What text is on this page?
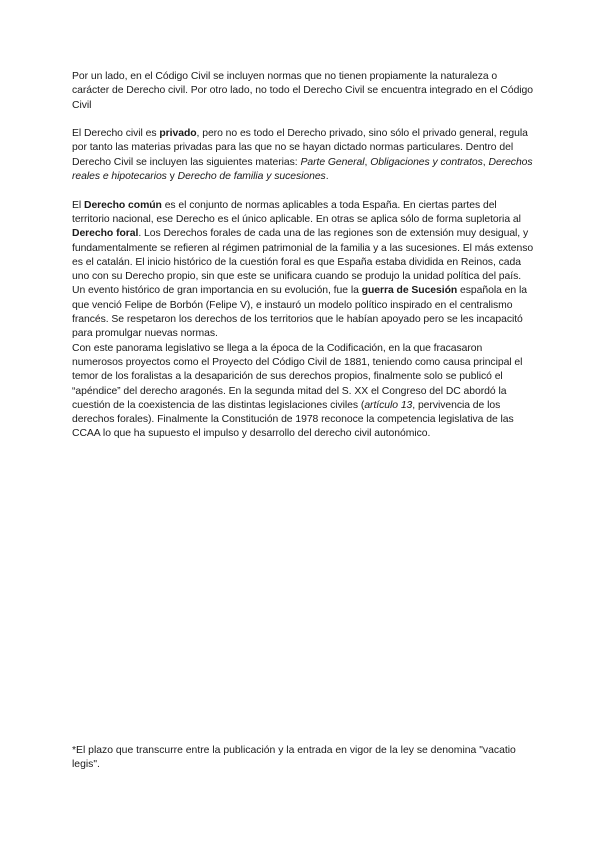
Por un lado, en el Código Civil se incluyen normas que no tienen propiamente la naturaleza o carácter de Derecho civil. Por otro lado, no todo el Derecho Civil se encuentra integrado en el Código Civil

El Derecho civil es privado, pero no es todo el Derecho privado, sino sólo el privado general, regula por tanto las materias privadas para las que no se hayan dictado normas particulares. Dentro del Derecho Civil se incluyen las siguientes materias: Parte General, Obligaciones y contratos, Derechos reales e hipotecarios y Derecho de familia y sucesiones.

El Derecho común es el conjunto de normas aplicables a toda España. En ciertas partes del territorio nacional, ese Derecho es el único aplicable. En otras se aplica sólo de forma supletoria al Derecho foral. Los Derechos forales de cada una de las regiones son de extensión muy desigual, y fundamentalmente se refieren al régimen patrimonial de la familia y a las sucesiones. El más extenso es el catalán. El inicio histórico de la cuestión foral es que España estaba dividida en Reinos, cada uno con su Derecho propio, sin que este se unificara cuando se produjo la unidad política del país. Un evento histórico de gran importancia en su evolución, fue la guerra de Sucesión española en la que venció Felipe de Borbón (Felipe V), e instauró un modelo político inspirado en el centralismo francés. Se respetaron los derechos de los territorios que le habían apoyado pero se les incapacitó para promulgar nuevas normas.

Con este panorama legislativo se llega a la época de la Codificación, en la que fracasaron numerosos proyectos como el Proyecto del Código Civil de 1881, teniendo como causa principal el temor de los foralistas a la desaparición de sus derechos propios, finalmente solo se publicó el “apéndice” del derecho aragonés. En la segunda mitad del S. XX el Congreso del DC abordó la cuestión de la coexistencia de las distintas legislaciones civiles (artículo 13, pervivencia de los derechos forales). Finalmente la Constitución de 1978 reconoce la competencia legislativa de las CCAA lo que ha supuesto el impulso y desarrollo del derecho civil autonómico.

*El plazo que transcurre entre la publicación y la entrada en vigor de la ley se denomina "vacatio legis".
